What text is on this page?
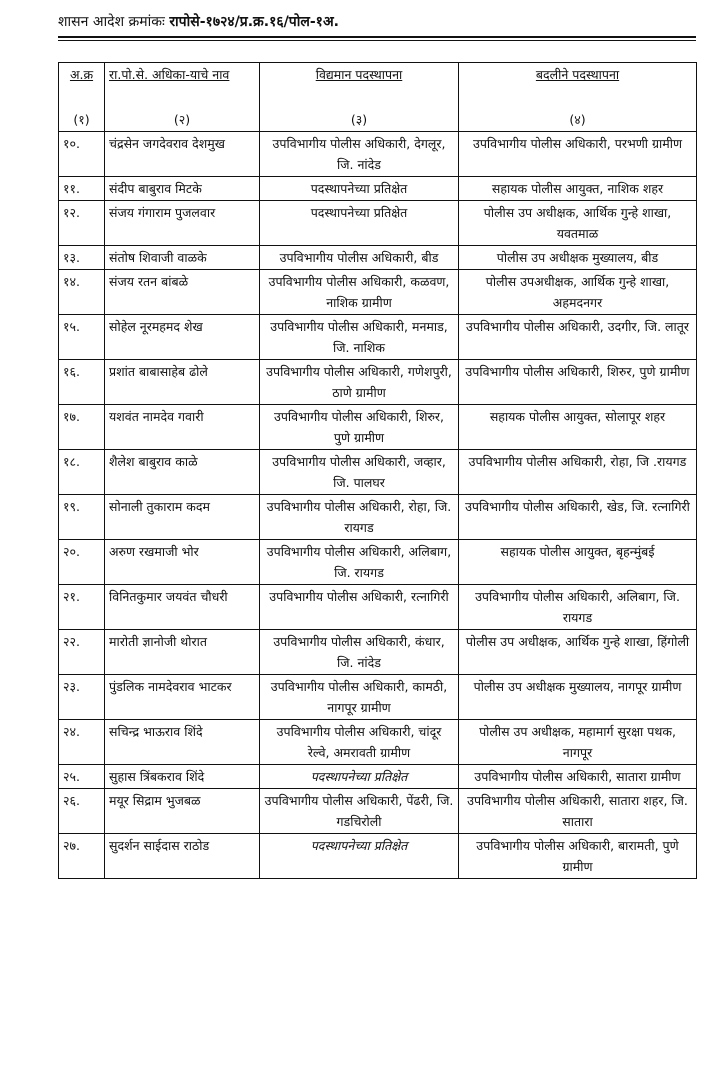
शासन आदेश क्रमांकः रापोसे-१७२४/प्र.क्र.१६/पोल-१अ.
अ.क्र	रा.पो.से. अधिका-याचे नाव	विद्यमान पदस्थापना	बदलीने पदस्थापना
(१)	(२)	(३)	(४)
१०.	चंद्रसेन जगदेवराव देशमुख	उपविभागीय पोलीस अधिकारी, देगलूर, जि. नांदेड	उपविभागीय पोलीस अधिकारी, परभणी ग्रामीण
११.	संदीप बाबुराव मिटके	पदस्थापनेच्या प्रतिक्षेत	सहायक पोलीस आयुक्त, नाशिक शहर
१२.	संजय गंगाराम पुजलवार	पदस्थापनेच्या प्रतिक्षेत	पोलीस उप अधीक्षक, आर्थिक गुन्हे शाखा, यवतमाळ
१३.	संतोष शिवाजी वाळके	उपविभागीय पोलीस अधिकारी, बीड	पोलीस उप अधीक्षक मुख्यालय, बीड
१४.	संजय रतन बांबळे	उपविभागीय पोलीस अधिकारी, कळवण, नाशिक ग्रामीण	पोलीस उपअधीक्षक, आर्थिक गुन्हे शाखा, अहमदनगर
१५.	सोहेल नूरमहमद शेख	उपविभागीय पोलीस अधिकारी, मनमाड, जि. नाशिक	उपविभागीय पोलीस अधिकारी, उदगीर, जि. लातूर
१६.	प्रशांत बाबासाहेब ढोले	उपविभागीय पोलीस अधिकारी, गणेशपुरी, ठाणे ग्रामीण	उपविभागीय पोलीस अधिकारी, शिरुर, पुणे ग्रामीण
१७.	यशवंत नामदेव गवारी	उपविभागीय पोलीस अधिकारी, शिरुर, पुणे ग्रामीण	सहायक पोलीस आयुक्त, सोलापूर शहर
१८.	शैलेश बाबुराव काळे	उपविभागीय पोलीस अधिकारी, जव्हार, जि. पालघर	उपविभागीय पोलीस अधिकारी, रोहा, जि .रायगड
१९.	सोनाली तुकाराम कदम	उपविभागीय पोलीस अधिकारी, रोहा, जि. रायगड	उपविभागीय पोलीस अधिकारी, खेड, जि. रत्नागिरी
२०.	अरुण रखमाजी भोर	उपविभागीय पोलीस अधिकारी, अलिबाग, जि. रायगड	सहायक पोलीस आयुक्त, बृहन्मुंबई
२१.	विनितकुमार जयवंत चौधरी	उपविभागीय पोलीस अधिकारी, रत्नागिरी	उपविभागीय पोलीस अधिकारी, अलिबाग, जि. रायगड
२२.	मारोती ज्ञानोजी थोरात	उपविभागीय पोलीस अधिकारी, कंधार, जि. नांदेड	पोलीस उप अधीक्षक, आर्थिक गुन्हे शाखा, हिंगोली
२३.	पुंडलिक नामदेवराव भाटकर	उपविभागीय पोलीस अधिकारी, कामठी, नागपूर ग्रामीण	पोलीस उप अधीक्षक मुख्यालय, नागपूर ग्रामीण
२४.	सचिन्द्र भाऊराव शिंदे	उपविभागीय पोलीस अधिकारी, चांदूर रेल्वे, अमरावती ग्रामीण	पोलीस उप अधीक्षक, महामार्ग सुरक्षा पथक, नागपूर
२५.	सुहास त्रिंबकराव शिंदे	पदस्थापनेच्या प्रतिक्षेत	उपविभागीय पोलीस अधिकारी, सातारा ग्रामीण
२६.	मयूर सिद्राम भुजबळ	उपविभागीय पोलीस अधिकारी, पेंढरी, जि. गडचिरोली	उपविभागीय पोलीस अधिकारी, सातारा शहर, जि. सातारा
२७.	सुदर्शन साईदास राठोड	पदस्थापनेच्या प्रतिक्षेत	उपविभागीय पोलीस अधिकारी, बारामती, पुणे ग्रामीण
